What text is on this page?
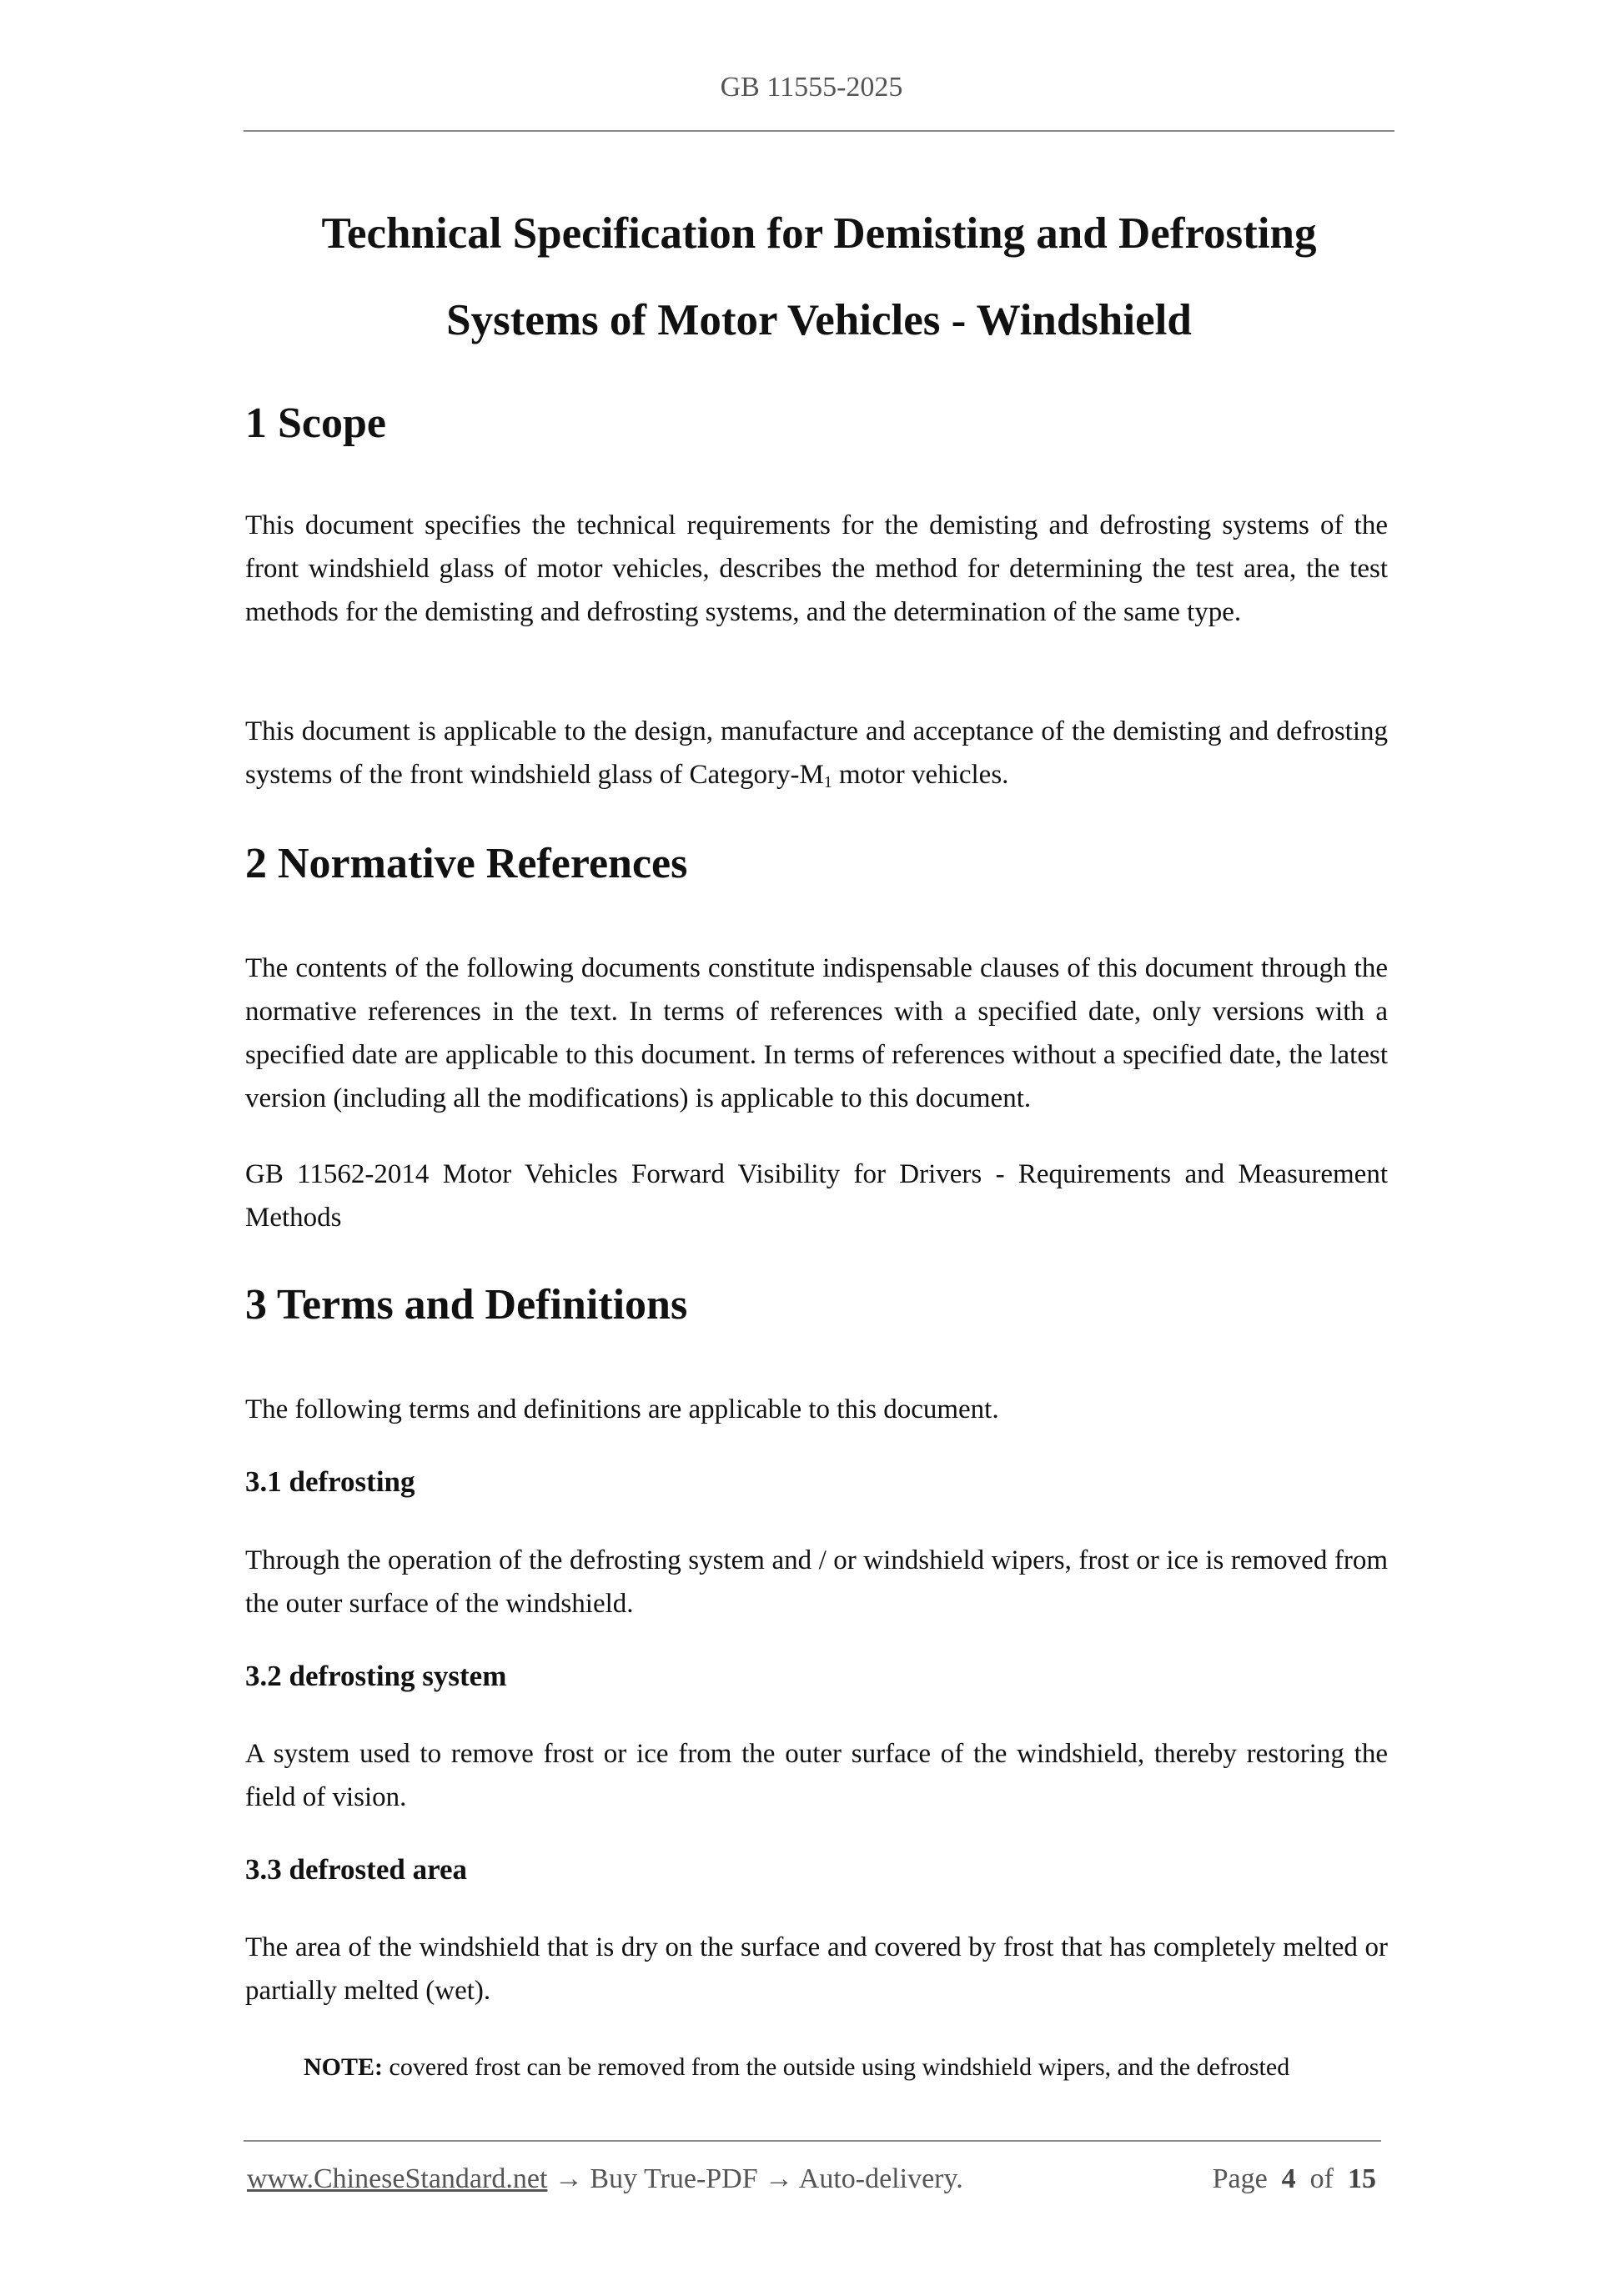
GB 11555-2025
Technical Specification for Demisting and Defrosting
Systems of Motor Vehicles - Windshield
1 Scope

This document specifies the technical requirements for the demisting and defrosting systems of the front windshield glass of motor vehicles, describes the method for determining the test area, the test methods for the demisting and defrosting systems, and the determination of the same type.

This document is applicable to the design, manufacture and acceptance of the demisting and defrosting systems of the front windshield glass of Category-$M_1$ motor vehicles.

2 Normative References

The contents of the following documents constitute indispensable clauses of this document through the normative references in the text. In terms of references with a specified date, only versions with a specified date are applicable to this document. In terms of references without a specified date, the latest version (including all the modifications) is applicable to this document.

GB 11562-2014 Motor Vehicles Forward Visibility for Drivers - Requirements and Measurement Methods

3 Terms and Definitions

The following terms and definitions are applicable to this document.

3.1 defrosting

Through the operation of the defrosting system and / or windshield wipers, frost or ice is removed from the outer surface of the windshield.

3.2 defrosting system

A system used to remove frost or ice from the outer surface of the windshield, thereby restoring the field of vision.

3.3 defrosted area

The area of the windshield that is dry on the surface and covered by frost that has completely melted or partially melted (wet).

NOTE: covered frost can be removed from the outside using windshield wipers, and the defrosted

www.ChineseStandard.net → Buy True-PDF → Auto-delivery.	Page 4 of 15
